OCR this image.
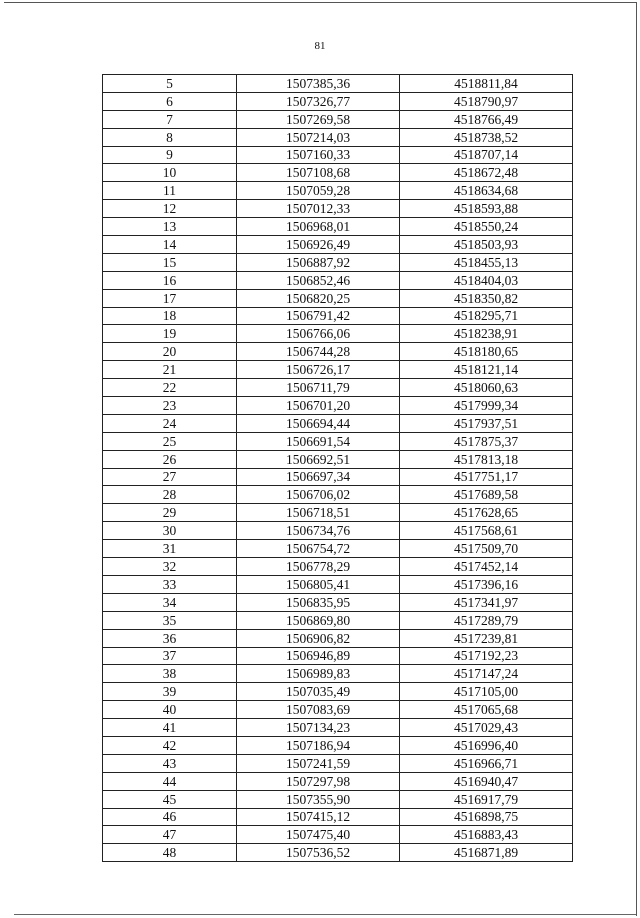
81
5	1507385,36	4518811,84
6	1507326,77	4518790,97
7	1507269,58	4518766,49
8	1507214,03	4518738,52
9	1507160,33	4518707,14
10	1507108,68	4518672,48
11	1507059,28	4518634,68
12	1507012,33	4518593,88
13	1506968,01	4518550,24
14	1506926,49	4518503,93
15	1506887,92	4518455,13
16	1506852,46	4518404,03
17	1506820,25	4518350,82
18	1506791,42	4518295,71
19	1506766,06	4518238,91
20	1506744,28	4518180,65
21	1506726,17	4518121,14
22	1506711,79	4518060,63
23	1506701,20	4517999,34
24	1506694,44	4517937,51
25	1506691,54	4517875,37
26	1506692,51	4517813,18
27	1506697,34	4517751,17
28	1506706,02	4517689,58
29	1506718,51	4517628,65
30	1506734,76	4517568,61
31	1506754,72	4517509,70
32	1506778,29	4517452,14
33	1506805,41	4517396,16
34	1506835,95	4517341,97
35	1506869,80	4517289,79
36	1506906,82	4517239,81
37	1506946,89	4517192,23
38	1506989,83	4517147,24
39	1507035,49	4517105,00
40	1507083,69	4517065,68
41	1507134,23	4517029,43
42	1507186,94	4516996,40
43	1507241,59	4516966,71
44	1507297,98	4516940,47
45	1507355,90	4516917,79
46	1507415,12	4516898,75
47	1507475,40	4516883,43
48	1507536,52	4516871,89
